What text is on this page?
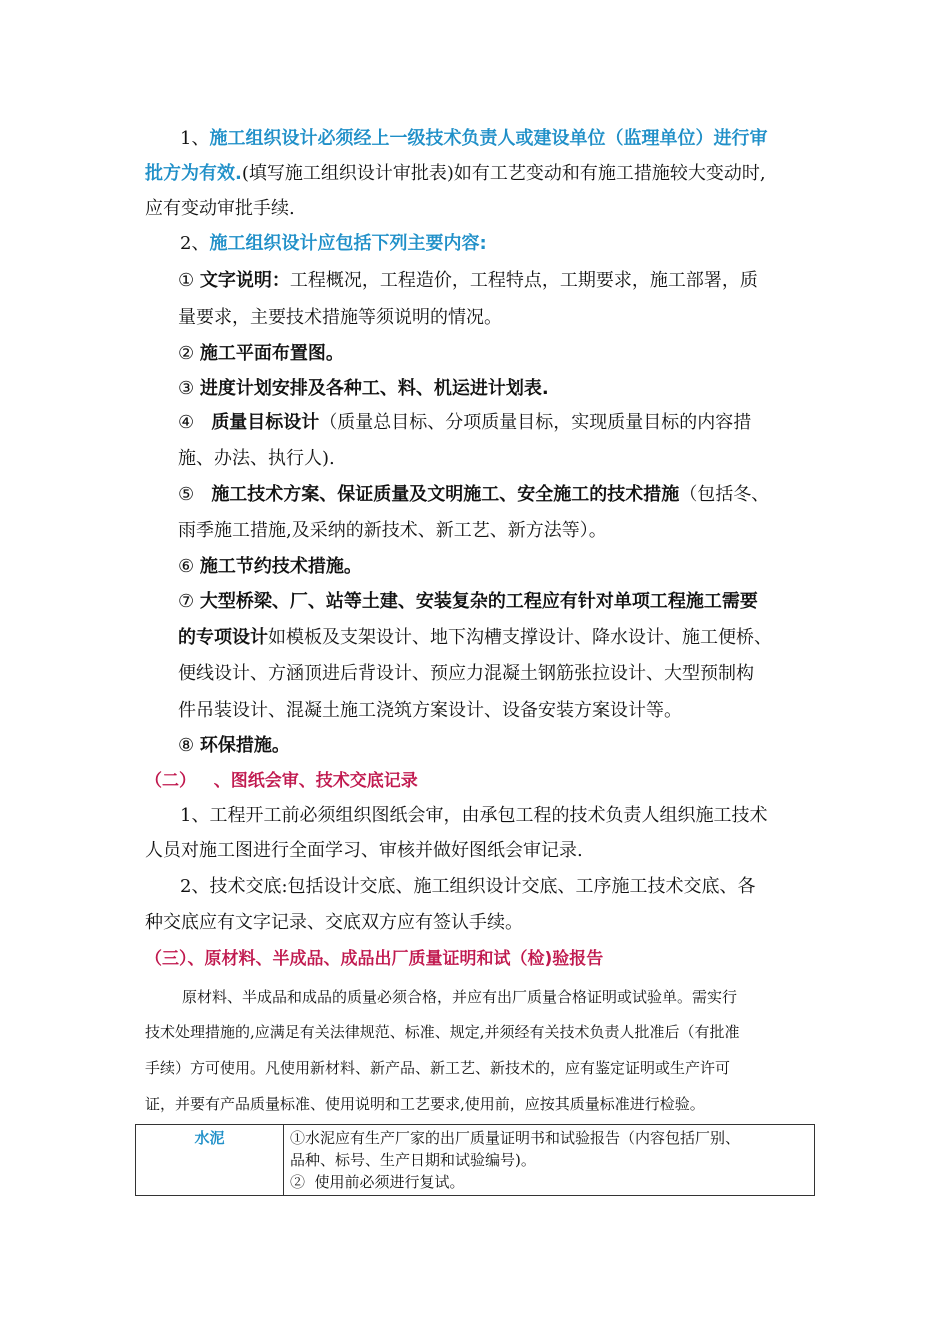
1、施工组织设计必须经上一级技术负责人或建设单位（监理单位）进行审
批方为有效.(填写施工组织设计审批表)如有工艺变动和有施工措施较大变动时,
应有变动审批手续.
2、施工组织设计应包括下列主要内容:
① 文字说明：工程概况，工程造价，工程特点，工期要求，施工部署，质
量要求，主要技术措施等须说明的情况。
② 施工平面布置图。
③ 进度计划安排及各种工、料、机运进计划表.
④ 质量目标设计（质量总目标、分项质量目标，实现质量目标的内容措
施、办法、执行人).
⑤ 施工技术方案、保证质量及文明施工、安全施工的技术措施（包括冬、
雨季施工措施,及采纳的新技术、新工艺、新方法等）。
⑥ 施工节约技术措施。
⑦ 大型桥梁、厂、站等土建、安装复杂的工程应有针对单项工程施工需要
的专项设计如模板及支架设计、地下沟槽支撑设计、降水设计、施工便桥、
便线设计、方涵顶进后背设计、预应力混凝土钢筋张拉设计、大型预制构
件吊装设计、混凝土施工浇筑方案设计、设备安装方案设计等。
⑧ 环保措施。
（二）   、图纸会审、技术交底记录
1、工程开工前必须组织图纸会审，由承包工程的技术负责人组织施工技术
人员对施工图进行全面学习、审核并做好图纸会审记录.
2、技术交底:包括设计交底、施工组织设计交底、工序施工技术交底、各
种交底应有文字记录、交底双方应有签认手续。
（三）、原材料、半成品、成品出厂质量证明和试（检)验报告
原材料、半成品和成品的质量必须合格，并应有出厂质量合格证明或试验单。需实行
技术处理措施的,应满足有关法律规范、标准、规定,并须经有关技术负责人批准后（有批准
手续）方可使用。凡使用新材料、新产品、新工艺、新技术的，应有鉴定证明或生产许可
证，并要有产品质量标准、使用说明和工艺要求,使用前，应按其质量标准进行检验。
水泥	①水泥应有生产厂家的出厂质量证明书和试验报告（内容包括厂别、
品种、标号、生产日期和试验编号)。
②  使用前必须进行复试。
